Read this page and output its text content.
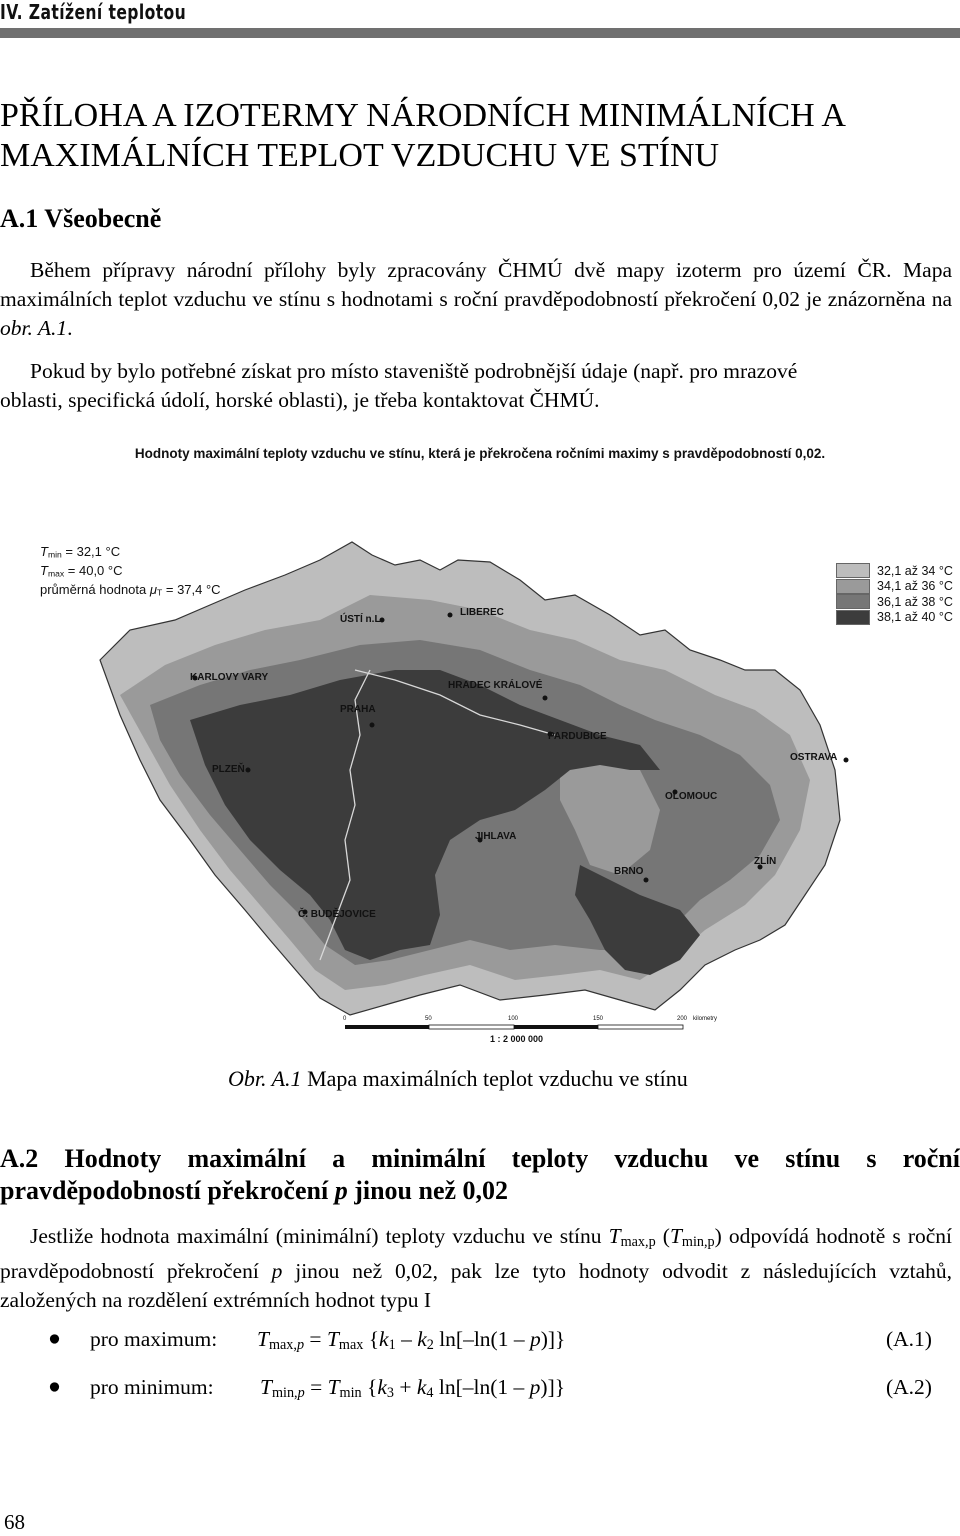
IV. Zatížení teplotou
PŘÍLOHA A IZOTERMY NÁRODNÍCH MINIMÁLNÍCH A MAXIMÁLNÍCH TEPLOT VZDUCHU VE STÍNU
A.1 Všeobecně
Během přípravy národní přílohy byly zpracovány ČHMÚ dvě mapy izoterm pro území ČR. Mapa maximálních teplot vzduchu ve stínu s hodnotami s roční pravděpodobností překročení 0,02 je znázorněna na obr. A.1.
Pokud by bylo potřebné získat pro místo staveniště podrobnější údaje (např. pro mrazové
oblasti, specifická údolí, horské oblasti), je třeba kontaktovat ČHMÚ.
Hodnoty maximální teploty vzduchu ve stínu, která je překročena ročními maximy s pravděpodobností 0,02.
$T_{min} = 32,1$ °C
$T_{max} = 40,0$ °C
průměrná hodnota $\mu_T = 37,4$ °C
32,1 až 34 °C
34,1 až 36 °C
36,1 až 38 °C
38,1 až 40 °C
ÚSTÍ n.L.
LIBEREC
KARLOVY VARY
HRADEC KRÁLOVÉ
PRAHA
PARDUBICE
PLZEŇ
OSTRAVA
OLOMOUC
JIHLAVA
ZLÍN
BRNO
Č. BUDĚJOVICE
0	50	100	150	200 kilometry
1 : 2 000 000
Obr. A.1 Mapa maximálních teplot vzduchu ve stínu
A.2 Hodnoty maximální a minimální teploty vzduchu ve stínu s roční pravděpodobností překročení p jinou než 0,02
Jestliže hodnota maximální (minimální) teploty vzduchu ve stínu $T_{max,p}$ $(T_{min,p})$ odpovídá hodnotě s roční pravděpodobností překročení p jinou než 0,02, pak lze tyto hodnoty odvodit z následujících vztahů, založených na rozdělení extrémních hodnot typu I
● pro maximum: $T_{max,p} = T_{max}$ {$k_1 - k_2$ ln[–ln(1 – p)]}	(A.1)
● pro minimum: $T_{min,p} = T_{min}$ {$k_3 + k_4$ ln[–ln(1 – p)]}	(A.2)
68
